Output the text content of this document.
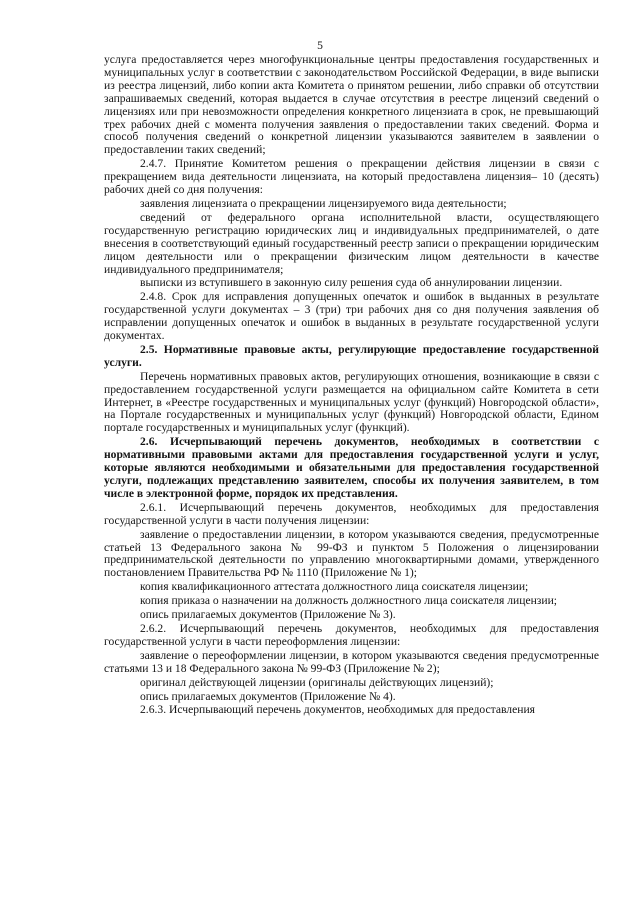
5

услуга предоставляется через многофункциональные центры предоставления государственных и муниципальных услуг в соответствии с законодательством Российской Федерации, в виде выписки из реестра лицензий, либо копии акта Комитета о принятом решении, либо справки об отсутствии запрашиваемых сведений, которая выдается в случае отсутствия в реестре лицензий сведений о лицензиях или при невозможности определения конкретного лицензиата в срок, не превышающий трех рабочих дней с момента получения заявления о предоставлении таких сведений. Форма и способ получения сведений о конкретной лицензии указываются заявителем в заявлении о предоставлении таких сведений;

2.4.7. Принятие Комитетом решения о прекращении действия лицензии в связи с прекращением вида деятельности лицензиата, на который предоставлена лицензия– 10 (десять) рабочих дней со дня получения:

заявления лицензиата о прекращении лицензируемого вида деятельности;

сведений от федерального органа исполнительной власти, осуществляющего государственную регистрацию юридических лиц и индивидуальных предпринимателей, о дате внесения в соответствующий единый государственный реестр записи о прекращении юридическим лицом деятельности или о прекращении физическим лицом деятельности в качестве индивидуального предпринимателя;

выписки из вступившего в законную силу решения суда об аннулировании лицензии.

2.4.8. Срок для исправления допущенных опечаток и ошибок в выданных в результате государственной услуги документах – 3 (три) три рабочих дня со дня получения заявления об исправлении допущенных опечаток и ошибок в выданных в результате государственной услуги документах.

2.5. Нормативные правовые акты, регулирующие предоставление государственной услуги.

Перечень нормативных правовых актов, регулирующих отношения, возникающие в связи с предоставлением государственной услуги размещается на официальном сайте Комитета в сети Интернет, в «Реестре государственных и муниципальных услуг (функций) Новгородской области», на Портале государственных и муниципальных услуг (функций) Новгородской области, Едином портале государственных и муниципальных услуг (функций).

2.6. Исчерпывающий перечень документов, необходимых в соответствии с нормативными правовыми актами для предоставления государственной услуги и услуг, которые являются необходимыми и обязательными для предоставления государственной услуги, подлежащих представлению заявителем, способы их получения заявителем, в том числе в электронной форме, порядок их представления.

2.6.1. Исчерпывающий перечень документов, необходимых для предоставления государственной услуги в части получения лицензии:

заявление о предоставлении лицензии, в котором указываются сведения, предусмотренные статьей 13 Федерального закона № 99-ФЗ и пунктом 5 Положения о лицензировании предпринимательской деятельности по управлению многоквартирными домами, утвержденного постановлением Правительства РФ № 1110 (Приложение № 1);

копия квалификационного аттестата должностного лица соискателя лицензии;

копия приказа о назначении на должность должностного лица соискателя лицензии;

опись прилагаемых документов (Приложение № 3).

2.6.2. Исчерпывающий перечень документов, необходимых для предоставления государственной услуги в части переоформления лицензии:

заявление о переоформлении лицензии, в котором указываются сведения предусмотренные статьями 13 и 18 Федерального закона № 99-ФЗ (Приложение № 2);

оригинал действующей лицензии (оригиналы действующих лицензий);

опись прилагаемых документов (Приложение № 4).

2.6.3. Исчерпывающий перечень документов, необходимых для предоставления
